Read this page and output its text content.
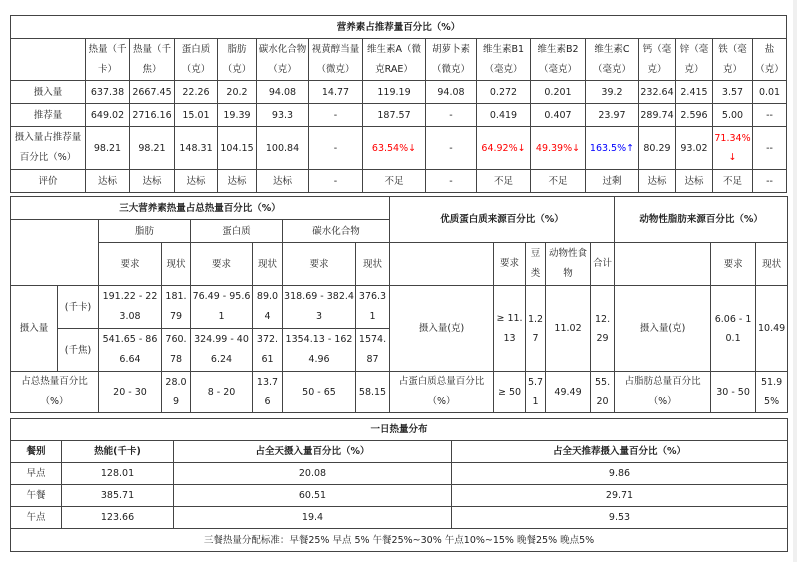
营养素占推荐量百分比（%）															
	热量（千卡）	热量（千焦）	蛋白质（克）	脂肪（克）	碳水化合物（克）	视黄醇当量（微克）	维生素A（微克RAE）	胡萝卜素（微克）	维生素B1（毫克）	维生素B2（毫克）	维生素C（毫克）	钙（毫克）	锌（毫克）	铁（毫克）	盐（克）
摄入量	637.38	2667.45	22.26	20.2	94.08	14.77	119.19	94.08	0.272	0.201	39.2	232.64	2.415	3.57	0.01
推荐量	649.02	2716.16	15.01	19.39	93.3	-	187.57	-	0.419	0.407	23.97	289.74	2.596	5.00	--
摄入量占推荐量百分比（%）	98.21	98.21	148.31	104.15	100.84	-	63.54%↓	-	64.92%↓	49.39%↓	163.5%↑	80.29	93.02	71.34%↓	--
评价	达标	达标	达标	达标	达标	-	不足	-	不足	不足	过剩	达标	达标	不足	--
三大营养素热量占总热量百分比（%）								优质蛋白质来源百分比（%）					动物性脂肪来源百分比（%）		
		脂肪		蛋白质		碳水化合物									
		要求	现状	要求	现状	要求	现状		要求	豆类	动物性食物	合计		要求	现状
摄入量	(千卡)	191.22 - 223.08	181.79	76.49 - 95.61	89.04	318.69 - 382.43	376.31	摄入量(克)	≥ 11.13	1.27	11.02	12.29	摄入量(克)	6.06 - 10.1	10.49
	(千焦)	541.65 - 866.64	760.78	324.99 - 406.24	372.61	1354.13 - 1624.96	1574.87								
占总热量百分比（%）		20 - 30	28.09	8 - 20	13.76	50 - 65	58.15	占蛋白质总量百分比（%）	≥ 50	5.71	49.49	55.20	占脂肪总量百分比（%）	30 - 50	51.95%
一日热量分布			
餐别	热能(千卡)	占全天摄入量百分比（%）	占全天推荐摄入量百分比（%）
早点	128.01	20.08	9.86
午餐	385.71	60.51	29.71
午点	123.66	19.4	9.53
三餐热量分配标准：早餐25% 早点 5% 午餐25%~30% 午点10%~15% 晚餐25% 晚点5%			
